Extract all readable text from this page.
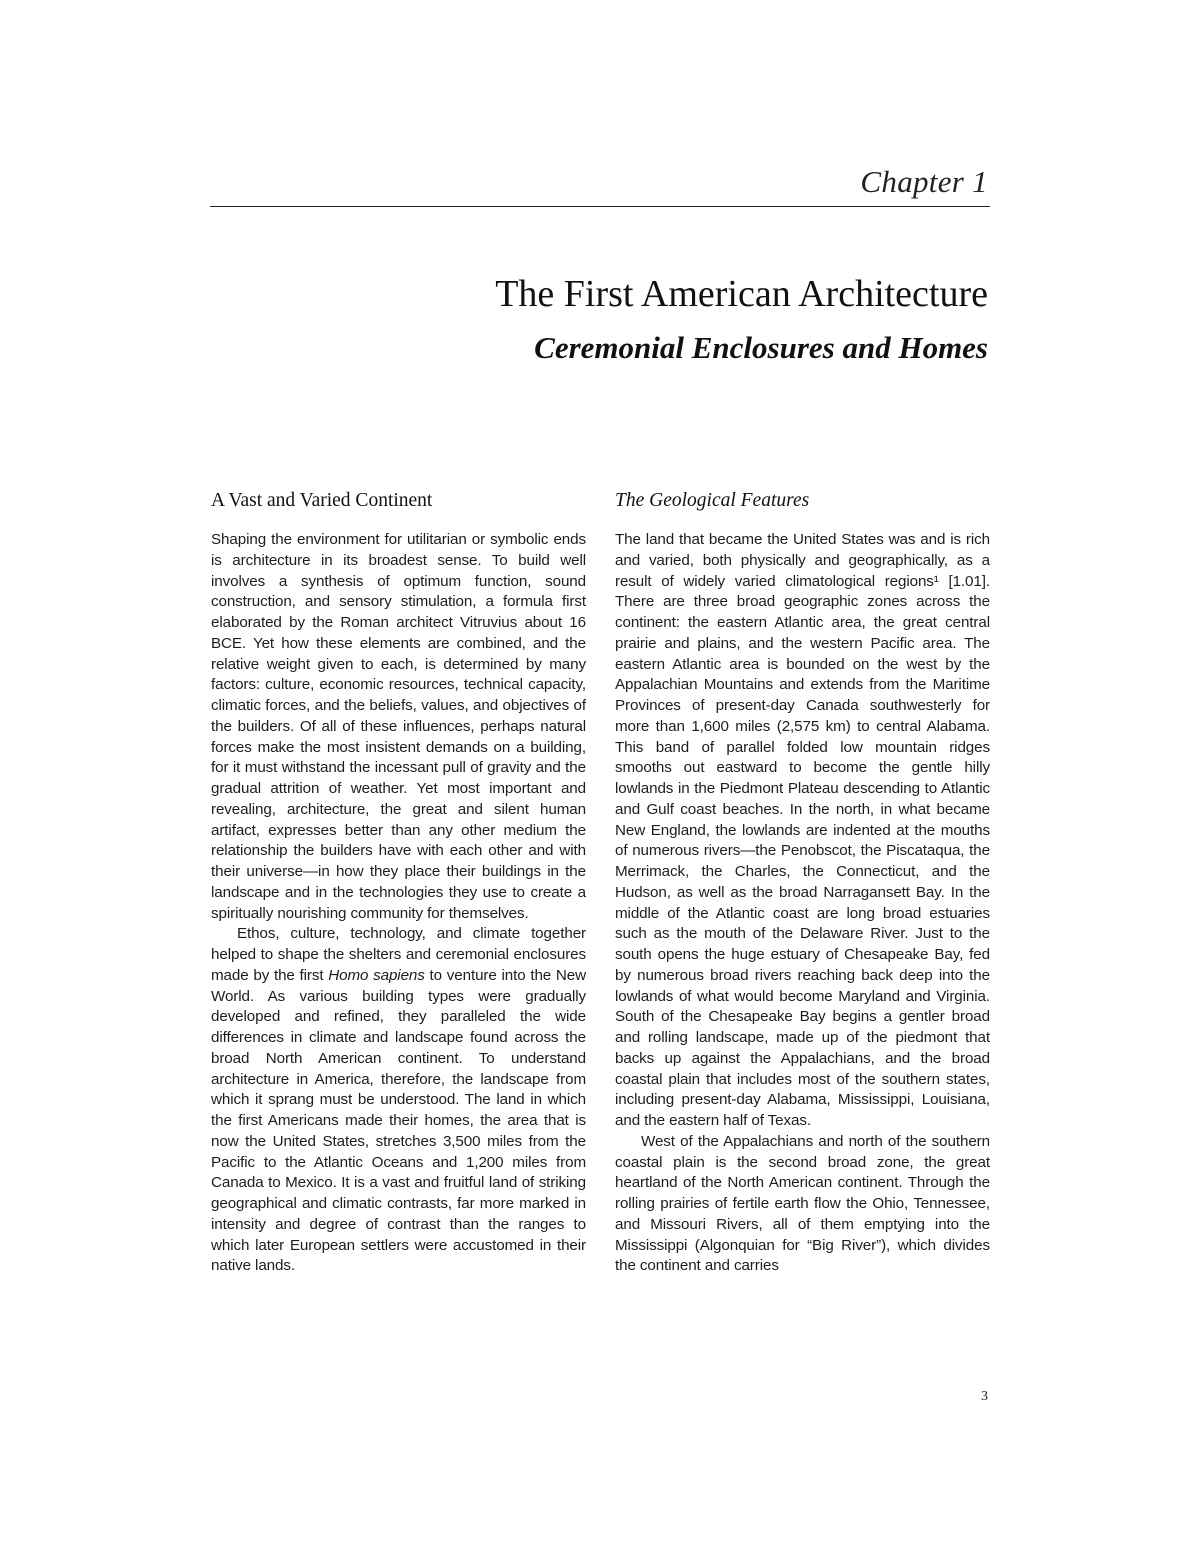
Chapter 1
The First American Architecture
Ceremonial Enclosures and Homes
A Vast and Varied Continent

Shaping the environment for utilitarian or symbolic ends is architecture in its broadest sense. To build well involves a synthesis of optimum function, sound construction, and sensory stimulation, a formula first elaborated by the Roman architect Vitruvius about 16 BCE. Yet how these elements are combined, and the relative weight given to each, is determined by many factors: culture, economic resources, technical capacity, climatic forces, and the beliefs, values, and objectives of the builders. Of all of these influences, perhaps natural forces make the most insistent demands on a building, for it must withstand the incessant pull of gravity and the gradual attrition of weather. Yet most important and revealing, architecture, the great and silent human artifact, expresses better than any other medium the relationship the builders have with each other and with their universe—in how they place their buildings in the landscape and in the technologies they use to create a spiritually nourishing community for themselves.

Ethos, culture, technology, and climate together helped to shape the shelters and ceremonial enclosures made by the first Homo sapiens to venture into the New World. As various building types were gradually developed and refined, they paralleled the wide differences in climate and landscape found across the broad North American continent. To understand architecture in America, therefore, the landscape from which it sprang must be understood. The land in which the first Americans made their homes, the area that is now the United States, stretches 3,500 miles from the Pacific to the Atlantic Oceans and 1,200 miles from Canada to Mexico. It is a vast and fruitful land of striking geographical and climatic contrasts, far more marked in intensity and degree of contrast than the ranges to which later European settlers were accustomed in their native lands.

The Geological Features

The land that became the United States was and is rich and varied, both physically and geographically, as a result of widely varied climatological regions¹ [1.01]. There are three broad geographic zones across the continent: the eastern Atlantic area, the great central prairie and plains, and the western Pacific area. The eastern Atlantic area is bounded on the west by the Appalachian Mountains and extends from the Maritime Provinces of present-day Canada southwesterly for more than 1,600 miles (2,575 km) to central Alabama. This band of parallel folded low mountain ridges smooths out eastward to become the gentle hilly lowlands in the Piedmont Plateau descending to Atlantic and Gulf coast beaches. In the north, in what became New England, the lowlands are indented at the mouths of numerous rivers—the Penobscot, the Piscataqua, the Merrimack, the Charles, the Connecticut, and the Hudson, as well as the broad Narragansett Bay. In the middle of the Atlantic coast are long broad estuaries such as the mouth of the Delaware River. Just to the south opens the huge estuary of Chesapeake Bay, fed by numerous broad rivers reaching back deep into the lowlands of what would become Maryland and Virginia. South of the Chesapeake Bay begins a gentler broad and rolling landscape, made up of the piedmont that backs up against the Appalachians, and the broad coastal plain that includes most of the southern states, including present-day Alabama, Mississippi, Louisiana, and the eastern half of Texas.

West of the Appalachians and north of the southern coastal plain is the second broad zone, the great heartland of the North American continent. Through the rolling prairies of fertile earth flow the Ohio, Tennessee, and Missouri Rivers, all of them emptying into the Mississippi (Algonquian for “Big River”), which divides the continent and carries

3
